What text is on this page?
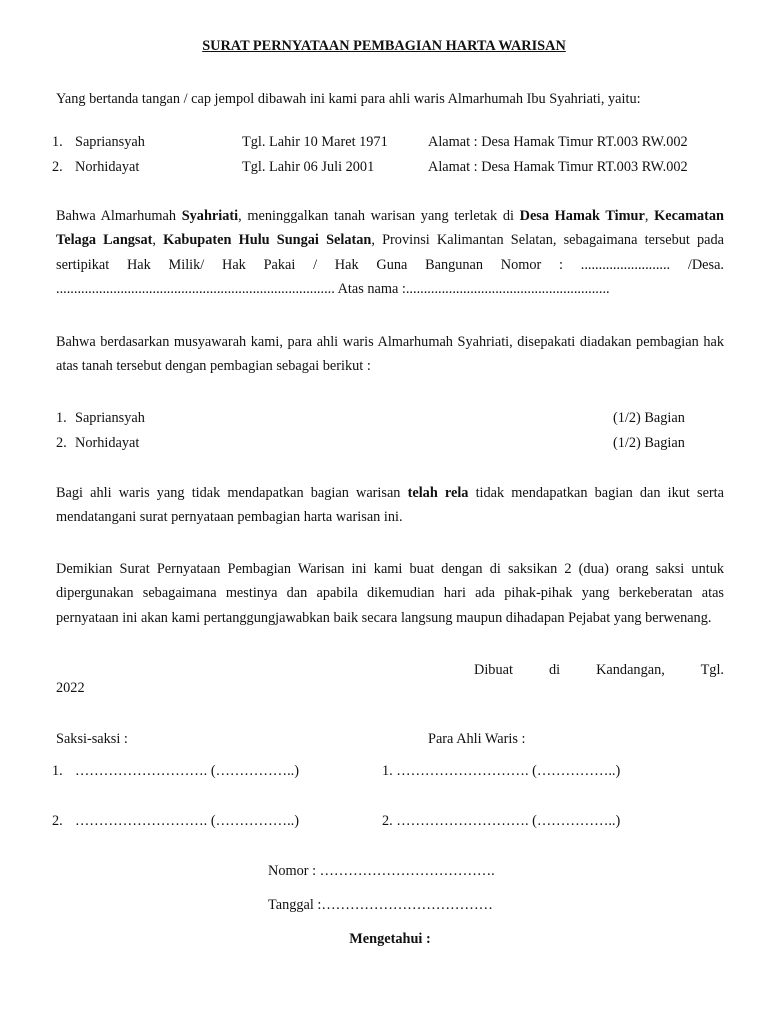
SURAT PERNYATAAN PEMBAGIAN HARTA WARISAN
Yang bertanda tangan / cap jempol dibawah ini kami para ahli waris Almarhumah Ibu Syahriati, yaitu:
1. Sapriansyah	Tgl. Lahir 10 Maret 1971	Alamat : Desa Hamak Timur RT.003 RW.002
2. Norhidayat	Tgl. Lahir 06 Juli 2001	Alamat : Desa Hamak Timur RT.003 RW.002
Bahwa Almarhumah Syahriati, meninggalkan tanah warisan yang terletak di Desa Hamak Timur, Kecamatan Telaga Langsat, Kabupaten Hulu Sungai Selatan, Provinsi Kalimantan Selatan, sebagaimana tersebut pada sertipikat Hak Milik/ Hak Pakai / Hak Guna Bangunan Nomor : ......................... /Desa. .............................................................................. Atas nama :.........................................................
Bahwa berdasarkan musyawarah kami, para ahli waris Almarhumah Syahriati, disepakati diadakan pembagian hak atas tanah tersebut dengan pembagian sebagai berikut :
1. Sapriansyah	(1/2) Bagian
2. Norhidayat	(1/2) Bagian
Bagi ahli waris yang tidak mendapatkan bagian warisan telah rela tidak mendapatkan bagian dan ikut serta mendatangani surat pernyataan pembagian harta warisan ini.
Demikian Surat Pernyataan Pembagian Warisan ini kami buat dengan di saksikan 2 (dua) orang saksi untuk dipergunakan sebagaimana mestinya dan apabila dikemudian hari ada pihak-pihak yang berkeberatan atas pernyataan ini akan kami pertanggungjawabkan baik secara langsung maupun dihadapan Pejabat yang berwenang.
Dibuat di Kandangan, Tgl.
2022
Saksi-saksi :	Para Ahli Waris :
1. ………………………. (……………..)	1. ………………………. (……………..)
2. ………………………. (……………..)	2. ………………………. (……………..)
Nomor : ……………………………….
Tanggal :………………………………
Mengetahui :
